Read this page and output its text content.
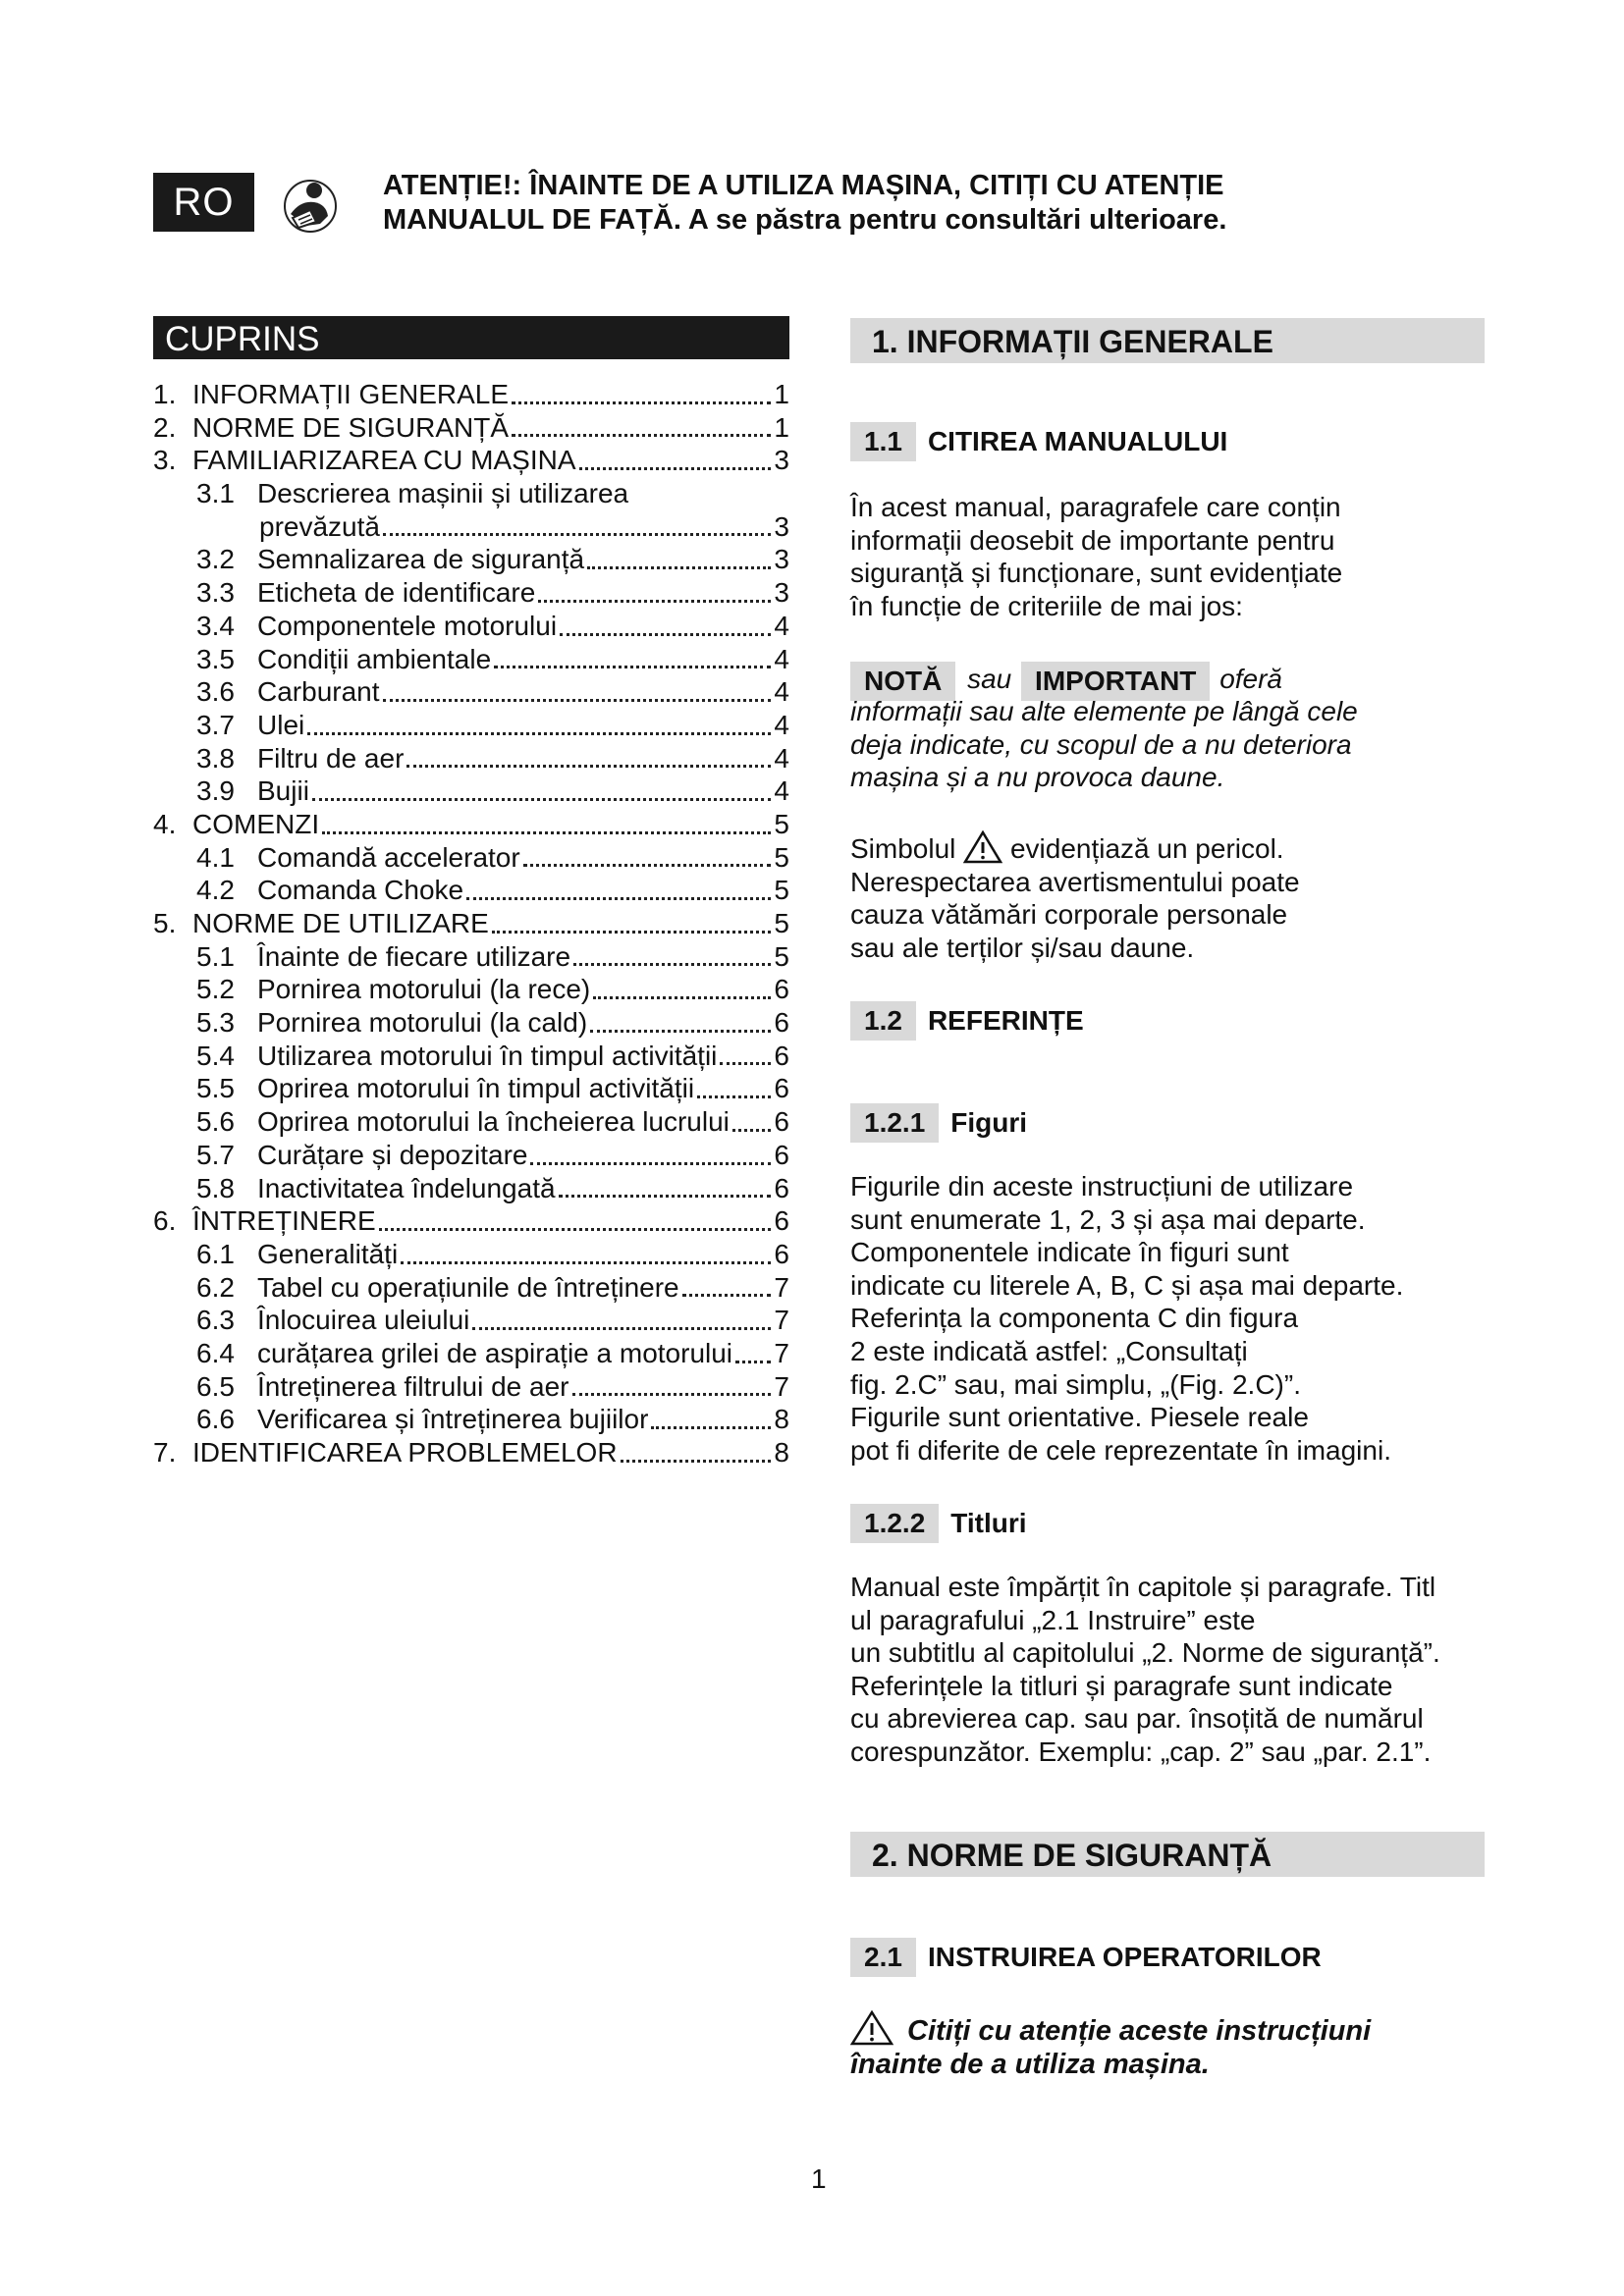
RO	ATENȚIE!: ÎNAINTE DE A UTILIZA MAȘINA, CITIȚI CU ATENȚIE
MANUALUL DE FAȚĂ. A se păstra pentru consultări ulterioare.
CUPRINS
1. INFORMAȚII GENERALE	1
2. NORME DE SIGURANȚĂ	1
3. FAMILIARIZAREA CU MAȘINA	3
3.1 Descrierea mașinii și utilizarea
prevăzută	3
3.2 Semnalizarea de siguranță	3
3.3 Eticheta de identificare	3
3.4 Componentele motorului	4
3.5 Condiții ambientale	4
3.6 Carburant	4
3.7 Ulei	4
3.8 Filtru de aer	4
3.9 Bujii	4
4. COMENZI	5
4.1 Comandă accelerator	5
4.2 Comanda Choke	5
5. NORME DE UTILIZARE	5
5.1 Înainte de fiecare utilizare	5
5.2 Pornirea motorului (la rece)	6
5.3 Pornirea motorului (la cald)	6
5.4 Utilizarea motorului în timpul activității 6
5.5 Oprirea motorului în timpul activității	6
5.6 Oprirea motorului la încheierea lucrului 6
5.7 Curățare și depozitare	6
5.8 Inactivitatea îndelungată	6
6. ÎNTREȚINERE	6
6.1 Generalități	6
6.2 Tabel cu operațiunile de întreținere	7
6.3 Înlocuirea uleiului	7
6.4 curățarea grilei de aspirație a motorului 7
6.5 Întreținerea filtrului de aer	7
6.6 Verificarea și întreținerea bujiilor	8
7. IDENTIFICAREA PROBLEMELOR	8
1. INFORMAȚII GENERALE
1.1 CITIREA MANUALULUI
În acest manual, paragrafele care conțin
informații deosebit de importante pentru
siguranță și funcționare, sunt evidențiate
în funcție de criteriile de mai jos:
NOTĂ sau IMPORTANT oferă
informații sau alte elemente pe lângă cele
deja indicate, cu scopul de a nu deteriora
mașina și a nu provoca daune.
Simbolul evidențiază un pericol.
Nerespectarea avertismentului poate
cauza vătămări corporale personale
sau ale terților și/sau daune.
1.2 REFERINȚE
1.2.1 Figuri
Figurile din aceste instrucțiuni de utilizare
sunt enumerate 1, 2, 3 și așa mai departe.
Componentele indicate în figuri sunt
indicate cu literele A, B, C și așa mai departe.
Referința la componenta C din figura
2 este indicată astfel: „Consultați
fig. 2.C” sau, mai simplu, „(Fig. 2.C)”.
Figurile sunt orientative. Piesele reale
pot fi diferite de cele reprezentate în imagini.
1.2.2 Titluri
Manual este împărțit în capitole și paragrafe. Titl
ul paragrafului „2.1 Instruire” este
un subtitlu al capitolului „2. Norme de siguranță”.
Referințele la titluri și paragrafe sunt indicate
cu abrevierea cap. sau par. însoțită de numărul
corespunzător. Exemplu: „cap. 2” sau „par. 2.1”.
2. NORME DE SIGURANȚĂ
2.1 INSTRUIREA OPERATORILOR
Citiți cu atenție aceste instrucțiuni
înainte de a utiliza mașina.
1
